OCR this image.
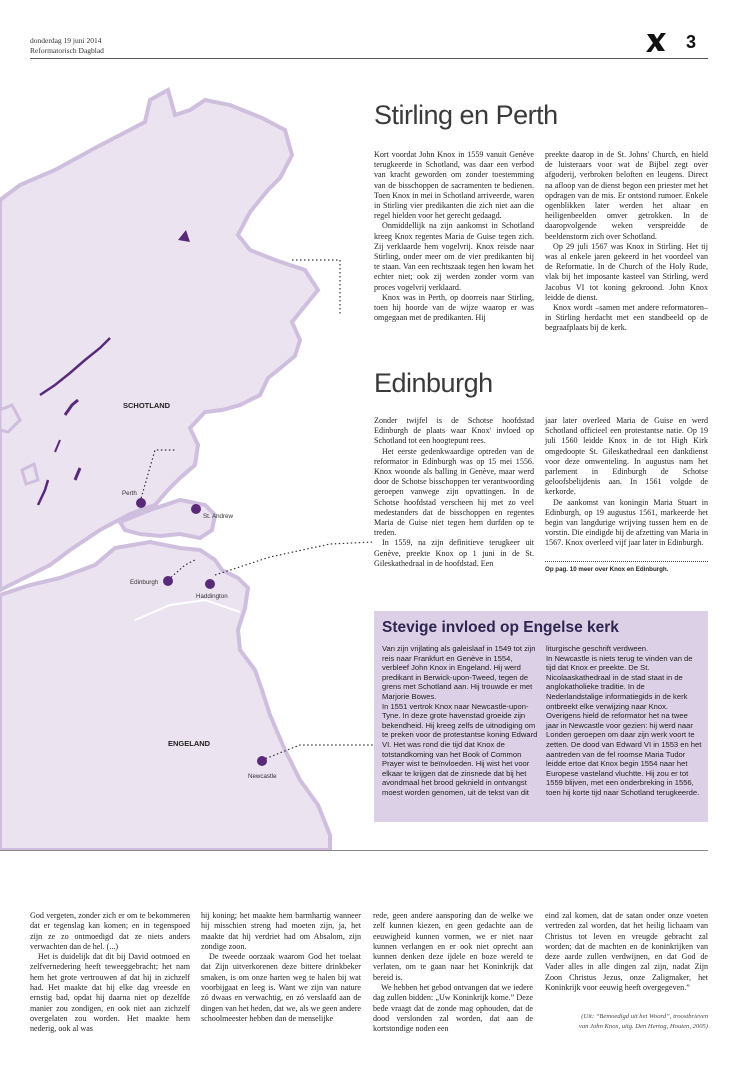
donderdag 19 juni 2014
Reformatorisch Dagblad	3
SCHOTLAND
ENGELAND
Perth
St. Andrew
Edinburgh
Haddington
Newcastle
Stirling en Perth

Kort voordat John Knox in 1559 vanuit Genève terugkeerde in Schotland, was daar een verbod van kracht geworden om zonder toestemming van de bisschoppen de sacramenten te bedienen. Toen Knox in mei in Schotland arriveerde, waren in Stirling vier predikanten die zich niet aan die regel hielden voor het gerecht gedaagd.

Onmiddellijk na zijn aankomst in Schotland kreeg Knox regentes Maria de Guise tegen zich. Zij verklaarde hem vogelvrij. Knox reisde naar Stirling, onder meer om de vier predikanten bij te staan. Van een rechtszaak tegen hen kwam het echter niet; ook zij werden zonder vorm van proces vogelvrij verklaard.

Knox was in Perth, op doorreis naar Stirling, toen hij hoorde van de wijze waarop er was omgegaan met de predikanten. Hij

preekte daarop in de St. Johns' Church, en hield de luisteraars voor wat de Bijbel zegt over afgoderij, verbroken beloften en leugens. Direct na afloop van de dienst begon een priester met het opdragen van de mis. Er ontstond rumoer. Enkele ogenblikken later werden het altaar en heiligenbeelden omver getrokken. In de daaropvolgende weken verspreidde de beeldenstorm zich over Schotland.

Op 29 juli 1567 was Knox in Stirling. Het tij was al enkele jaren gekeerd in het voordeel van de Reformatie. In de Church of the Holy Rude, vlak bij het imposante kasteel van Stirling, werd Jacobus VI tot koning gekroond. John Knox leidde de dienst.

Knox wordt –samen met andere reformatoren– in Stirling herdacht met een standbeeld op de begraafplaats bij de kerk.

Edinburgh

Zonder twijfel is de Schotse hoofdstad Edinburgh de plaats waar Knox' invloed op Schotland tot een hoogtepunt rees.

Het eerste gedenkwaardige optreden van de reformator in Edinburgh was op 15 mei 1556. Knox woonde als balling in Genève, maar werd door de Schotse bisschoppen ter verantwoording geroepen vanwege zijn opvattingen. In de Schotse hoofdstad verscheen hij met zo veel medestanders dat de bisschoppen en regentes Maria de Guise niet tegen hem durfden op te treden.

In 1559, na zijn definitieve terugkeer uit Genève, preekte Knox op 1 juni in de St. Gileskathedraal in de hoofdstad. Een

jaar later overleed Maria de Guise en werd Schotland officieel een protestantse natie. Op 19 juli 1560 leidde Knox in de tot High Kirk omgedoopte St. Gileskathedraal een dankdienst voor deze omwenteling. In augustus nam het parlement in Edinburgh de Schotse geloofsbelijdenis aan. In 1561 volgde de kerkorde.

De aankomst van koningin Maria Stuart in Edinburgh, op 19 augustus 1561, markeerde het begin van langdurige wrijving tussen hem en de vorstin. Die eindigde bij de afzetting van Maria in 1567. Knox overleed vijf jaar later in Edinburgh.

Op pag. 10 meer over Knox en Edinburgh.
Stevige invloed op Engelse kerk

Van zijn vrijlating als galeislaaf in 1549 tot zijn reis naar Frankfurt en Genève in 1554, verbleef John Knox in Engeland. Hij werd predikant in Berwick-upon-Tweed, tegen de grens met Schotland aan. Hij trouwde er met Marjorie Bowes.

In 1551 vertrok Knox naar Newcastle-upon-Tyne. In deze grote havenstad groeide zijn bekendheid. Hij kreeg zelfs de uitnodiging om te preken voor de protestantse koning Edward VI. Het was rond die tijd dat Knox de totstandkoming van het Book of Common Prayer wist te beïnvloeden. Hij wist het voor elkaar te krijgen dat de zinsnede dat bij het avondmaal het brood geknield in ontvangst moest worden genomen, uit de tekst van dit

liturgische geschrift verdween.

In Newcastle is niets terug te vinden van de tijd dat Knox er preekte. De St. Nicolaaskathedraal in de stad staat in de anglokatholieke traditie. In de Nederlandstalige informatiegids in de kerk ontbreekt elke verwijzing naar Knox.

Overigens hield de reformator het na twee jaar in Newcastle voor gezien: hij werd naar Londen geroepen om daar zijn werk voort te zetten. De dood van Edward VI in 1553 en het aantreden van de fel roomse Maria Tudor leidde ertoe dat Knox begin 1554 naar het Europese vasteland vluchtte. Hij zou er tot 1559 blijven, met een onderbreking in 1556, toen hij korte tijd naar Schotland terugkeerde.

God vergeten, zonder zich er om te bekommeren dat er tegenslag kan komen; en in tegenspoed zijn ze zo ontmoedigd dat ze niets anders verwachten dan de hel. (...)

Het is duidelijk dat dit bij David ootmoed en zelfvernedering heeft teweeggebracht; het nam hem het grote vertrouwen af dat hij in zichzelf had. Het maakte dat hij elke dag vreesde en ernstig bad, opdat hij daarna niet op dezelfde manier zou zondigen, en ook niet aan zichzelf overgelaten zou worden. Het maakte hem nederig, ook al was

hij koning; het maakte hem barmhartig wanneer hij misschien streng had moeten zijn, ja, het maakte dat hij verdriet had om Absalom, zijn zondige zoon.

De tweede oorzaak waarom God het toelaat dat Zijn uitverkorenen deze bittere drinkbeker smaken, is om onze harten weg te halen bij wat voorbijgaat en leeg is. Want we zijn van nature zó dwaas en verwachtig, en zó verslaafd aan de dingen van het heden, dat we, als we geen andere schoolmeester hebben dan de menselijke

rede, geen andere aansporing dan de welke we zelf kunnen kiezen, en geen gedachte aan de eeuwigheid kunnen vormen, we er niet naar kunnen verlangen en er ook niet oprecht aan kunnen denken deze ijdele en boze wereld te verlaten, om te gaan naar het Koninkrijk dat bereid is.

We hebben het gebod ontvangen dat we iedere dag zullen bidden: „Uw Koninkrijk kome.” Deze bede vraagt dat de zonde mag ophouden, dat de dood verslonden zal worden, dat aan de kortstondige noden een

eind zal komen, dat de satan onder onze voeten vertreden zal worden, dat het heilig lichaam van Christus tot leven en vreugde gebracht zal worden; dat de machten en de koninkrijken van deze aarde zullen verdwijnen, en dat God de Vader alles in alle dingen zal zijn, nadat Zijn Zoon Christus Jezus, onze Zaligmaker, het Koninkrijk voor eeuwig heeft overgegeven.”

(Uit: “Bemoedigd uit het Woord”, troostbrieven
van John Knox, uitg. Den Hertog, Houten, 2005)
